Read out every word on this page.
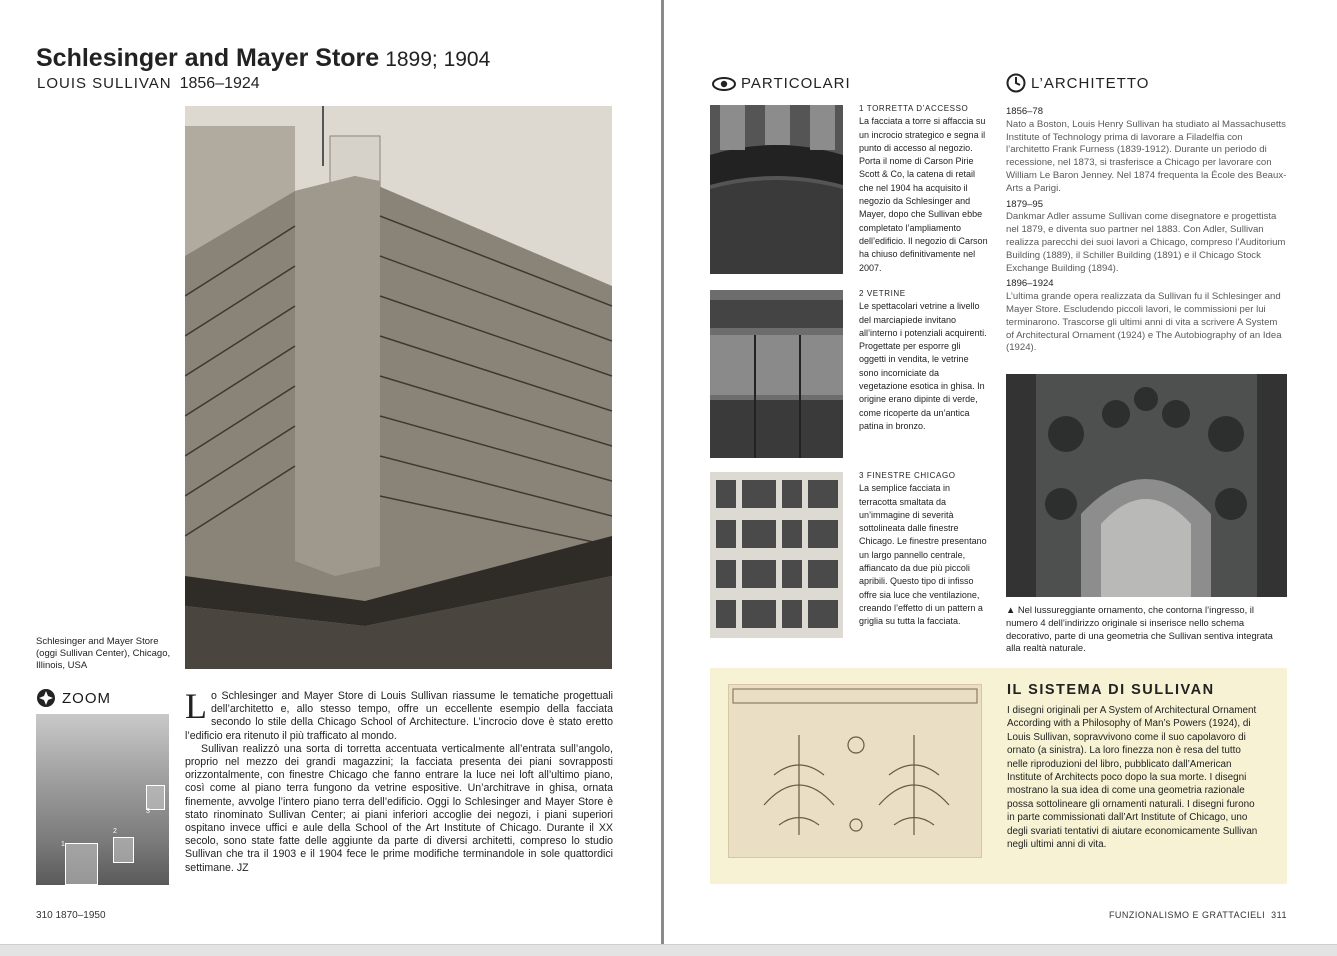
Schlesinger and Mayer Store 1899; 1904
LOUIS SULLIVAN 1856–1924
Schlesinger and Mayer Store (oggi Sullivan Center), Chicago, Illinois, USA
ZOOM
1
2
3

Lo Schlesinger and Mayer Store di Louis Sullivan riassume le tematiche progettuali dell’architetto e, allo stesso tempo, offre un eccellente esempio della facciata secondo lo stile della Chicago School of Architecture. L’incrocio dove è stato eretto l’edificio era ritenuto il più trafficato al mondo.

Sullivan realizzò una sorta di torretta accentuata verticalmente all’entrata sull’angolo, proprio nel mezzo dei grandi magazzini; la facciata presenta dei piani sovrapposti orizzontalmente, con finestre Chicago che fanno entrare la luce nei loft all’ultimo piano, così come al piano terra fungono da vetrine espositive. Un’architrave in ghisa, ornata finemente, avvolge l’intero piano terra dell’edificio. Oggi lo Schlesinger and Mayer Store è stato rinominato Sullivan Center; ai piani inferiori accoglie dei negozi, i piani superiori ospitano invece uffici e aule della School of the Art Institute of Chicago. Durante il XX secolo, sono state fatte delle aggiunte da parte di diversi architetti, compreso lo studio Sullivan che tra il 1903 e il 1904 fece le prime modifiche terminandole in sole quattordici settimane. JZ

310 1870–1950
PARTICOLARI
1 TORRETTA D’ACCESSO
La facciata a torre si affaccia su un incrocio strategico e segna il punto di accesso al negozio. Porta il nome di Carson Pirie Scott & Co, la catena di retail che nel 1904 ha acquisito il negozio da Schlesinger and Mayer, dopo che Sullivan ebbe completato l’ampliamento dell’edificio. Il negozio di Carson ha chiuso definitivamente nel 2007.
2 VETRINE
Le spettacolari vetrine a livello del marciapiede invitano all’interno i potenziali acquirenti. Progettate per esporre gli oggetti in vendita, le vetrine sono incorniciate da vegetazione esotica in ghisa. In origine erano dipinte di verde, come ricoperte da un’antica patina in bronzo.
3 FINESTRE CHICAGO
La semplice facciata in terracotta smaltata da un’immagine di severità sottolineata dalle finestre Chicago. Le finestre presentano un largo pannello centrale, affiancato da due più piccoli apribili. Questo tipo di infisso offre sia luce che ventilazione, creando l’effetto di un pattern a griglia su tutta la facciata.
L’ARCHITETTO
1856–78

Nato a Boston, Louis Henry Sullivan ha studiato al Massachusetts Institute of Technology prima di lavorare a Filadelfia con l’architetto Frank Furness (1839-1912). Durante un periodo di recessione, nel 1873, si trasferisce a Chicago per lavorare con William Le Baron Jenney. Nel 1874 frequenta la École des Beaux-Arts a Parigi.

1879–95

Dankmar Adler assume Sullivan come disegnatore e progettista nel 1879, e diventa suo partner nel 1883. Con Adler, Sullivan realizza parecchi dei suoi lavori a Chicago, compreso l’Auditorium Building (1889), il Schiller Building (1891) e il Chicago Stock Exchange Building (1894).

1896–1924

L’ultima grande opera realizzata da Sullivan fu il Schlesinger and Mayer Store. Escludendo piccoli lavori, le commissioni per lui terminarono. Trascorse gli ultimi anni di vita a scrivere A System of Architectural Ornament (1924) e The Autobiography of an Idea (1924).

▲ Nel lussureggiante ornamento, che contorna l’ingresso, il numero 4 dell’indirizzo originale si inserisce nello schema decorativo, parte di una geometria che Sullivan sentiva integrata alla realtà naturale.
IL SISTEMA DI SULLIVAN
I disegni originali per A System of Architectural Ornament According with a Philosophy of Man’s Powers (1924), di Louis Sullivan, sopravvivono come il suo capolavoro di ornato (a sinistra). La loro finezza non è resa del tutto nelle riproduzioni del libro, pubblicato dall’American Institute of Architects poco dopo la sua morte. I disegni mostrano la sua idea di come una geometria razionale possa sottolineare gli ornamenti naturali. I disegni furono in parte commissionati dall’Art Institute of Chicago, uno degli svariati tentativi di aiutare economicamente Sullivan negli ultimi anni di vita.
FUNZIONALISMO E GRATTACIELI 311
